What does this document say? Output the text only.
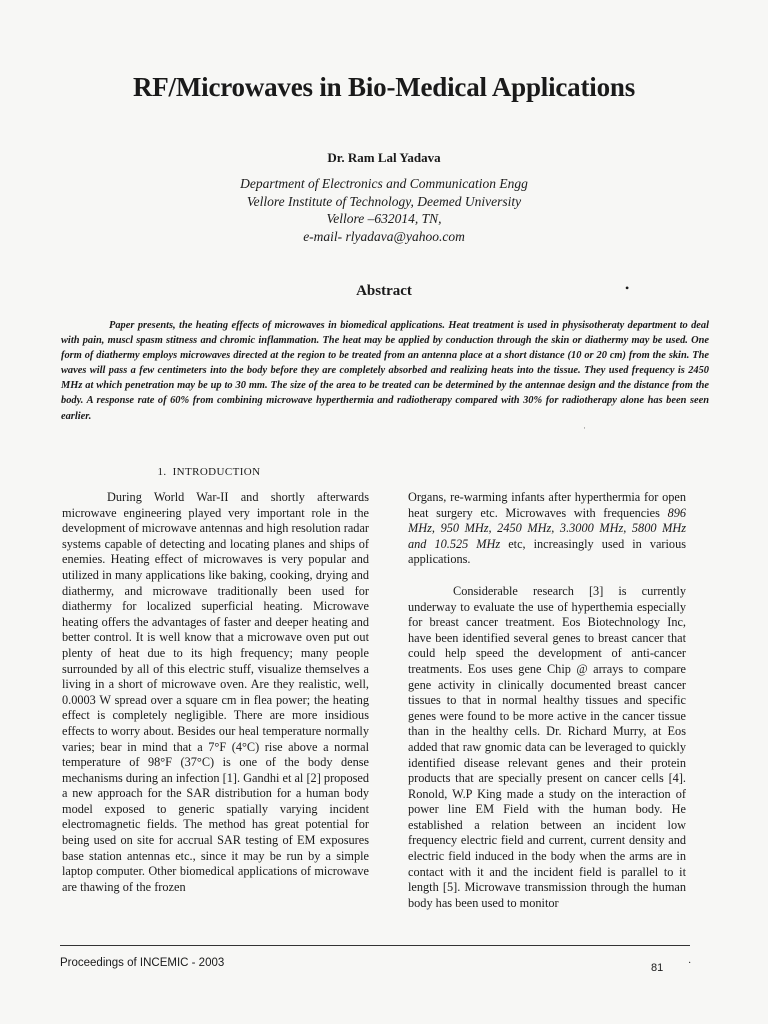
RF/Microwaves in Bio-Medical Applications
Dr. Ram Lal Yadava
Department of Electronics and Communication Engg
Vellore Institute of Technology, Deemed University
Vellore –632014, TN,
e-mail- rlyadava@yahoo.com
Abstract	•

Paper presents, the heating effects of microwaves in biomedical applications. Heat treatment is used in physisotheraty department to deal with pain, muscl spasm stitness and chromic inflammation. The heat may be applied by conduction through the skin or diathermy may be used. One form of diathermy employs microwaves directed at the region to be treated from an antenna place at a short distance (10 or 20 cm) from the skin. The waves will pass a few centimeters into the body before they are completely absorbed and realizing heats into the tissue. They used frequency is 2450 MHz at which penetration may be up to 30 mm. The size of the area to be treated can be determined by the antennae design and the distance from the body. A response rate of 60% from combining microwave hyperthermia and radiotherapy compared with 30% for radiotherapy alone has been seen earlier.

·
1. INTRODUCTION

During World War-II and shortly afterwards microwave engineering played very important role in the development of microwave antennas and high resolution radar systems capable of detecting and locating planes and ships of enemies. Heating effect of microwaves is very popular and utilized in many applications like baking, cooking, drying and diathermy, and microwave traditionally been used for diathermy for localized superficial heating. Microwave heating offers the advantages of faster and deeper heating and better control. It is well know that a microwave oven put out plenty of heat due to its high frequency; many people surrounded by all of this electric stuff, visualize themselves a living in a short of microwave oven. Are they realistic, well, 0.0003 W spread over a square cm in flea power; the heating effect is completely negligible. There are more insidious effects to worry about. Besides our heal temperature normally varies; bear in mind that a 7°F (4°C) rise above a normal temperature of 98°F (37°C) is one of the body dense mechanisms during an infection [1]. Gandhi et al [2] proposed a new approach for the SAR distribution for a human body model exposed to generic spatially varying incident electromagnetic fields. The method has great potential for being used on site for accrual SAR testing of EM exposures base station antennas etc., since it may be run by a simple laptop computer. Other biomedical applications of microwave are thawing of the frozen

Organs, re-warming infants after hyperthermia for open heat surgery etc. Microwaves with frequencies 896 MHz, 950 MHz, 2450 MHz, 3.3000 MHz, 5800 MHz and 10.525 MHz etc, increasingly used in various applications.

Considerable research [3] is currently underway to evaluate the use of hyperthemia especially for breast cancer treatment. Eos Biotechnology Inc, have been identified several genes to breast cancer that could help speed the development of anti-cancer treatments. Eos uses gene Chip @ arrays to compare gene activity in clinically documented breast cancer tissues to that in normal healthy tissues and specific genes were found to be more active in the cancer tissue than in the healthy cells. Dr. Richard Murry, at Eos added that raw gnomic data can be leveraged to quickly identified disease relevant genes and their protein products that are specially present on cancer cells [4]. Ronold, W.P King made a study on the interaction of power line EM Field with the human body. He established a relation between an incident low frequency electric field and current, current density and electric field induced in the body when the arms are in contact with it and the incident field is parallel to it length [5]. Microwave transmission through the human body has been used to monitor

Proceedings of INCEMIC - 2003	81 ·
